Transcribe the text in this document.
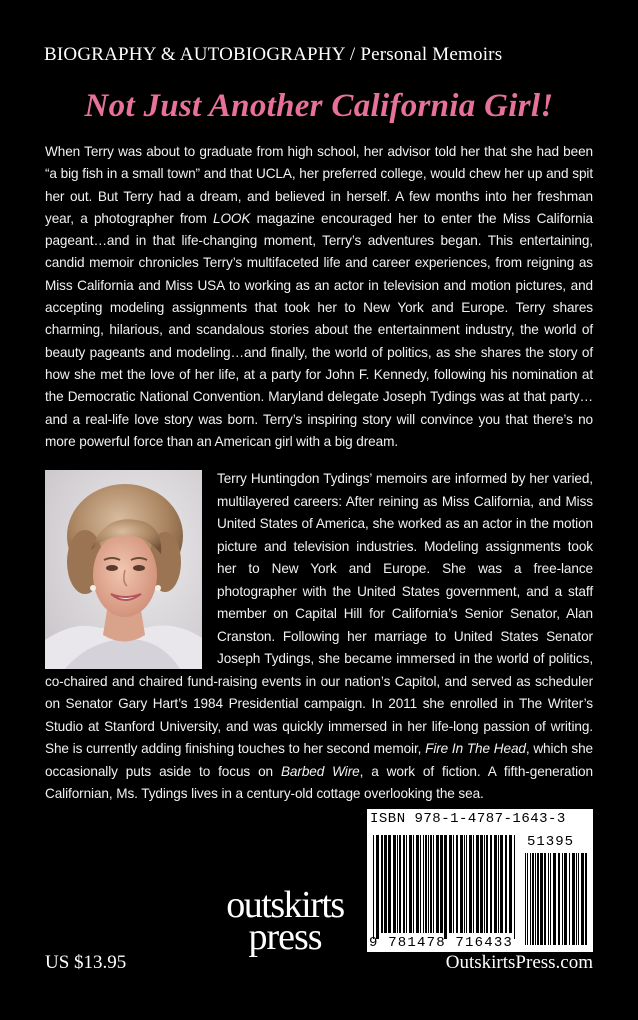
BIOGRAPHY & AUTOBIOGRAPHY / Personal Memoirs
Not Just Another California Girl!
When Terry was about to graduate from high school, her advisor told her that she had been “a big fish in a small town” and that UCLA, her preferred college, would chew her up and spit her out. But Terry had a dream, and believed in herself. A few months into her freshman year, a photographer from LOOK magazine encouraged her to enter the Miss California pageant…and in that life-changing moment, Terry’s adventures began. This entertaining, candid memoir chronicles Terry’s multifaceted life and career experiences, from reigning as Miss California and Miss USA to working as an actor in television and motion pictures, and accepting modeling assignments that took her to New York and Europe. Terry shares charming, hilarious, and scandalous stories about the entertainment industry, the world of beauty pageants and modeling…and finally, the world of politics, as she shares the story of how she met the love of her life, at a party for John F. Kennedy, following his nomination at the Democratic National Convention. Maryland delegate Joseph Tydings was at that party…and a real-life love story was born. Terry’s inspiring story will convince you that there’s no more powerful force than an American girl with a big dream.
Terry Huntingdon Tydings’ memoirs are informed by her varied, multilayered careers: After reining as Miss California, and Miss United States of America, she worked as an actor in the motion picture and television industries. Modeling assignments took her to New York and Europe. She was a free-lance photographer with the United States government, and a staff member on Capital Hill for California’s Senior Senator, Alan Cranston. Following her marriage to United States Senator Joseph Tydings, she became immersed in the world of politics, co-chaired and chaired fund-raising events in our nation’s Capitol, and served as scheduler on Senator Gary Hart’s 1984 Presidential campaign. In 2011 she enrolled in The Writer’s Studio at Stanford University, and was quickly immersed in her life-long passion of writing. She is currently adding finishing touches to her second memoir, Fire In The Head, which she occasionally puts aside to focus on Barbed Wire, a work of fiction. A fifth-generation Californian, Ms. Tydings lives in a century-old cottage overlooking the sea.
ISBN 978-1-4787-1643-3
51395
9 781478 716433
outskirts
press
US $13.95	OutskirtsPress.com
